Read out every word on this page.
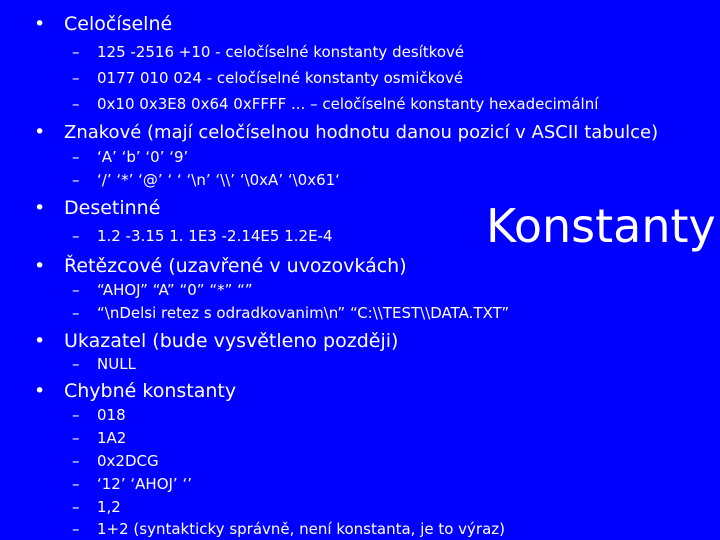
• Celočíselné
– 125 -2516 +10 - celočíselné konstanty desítkové
– 0177 010 024 - celočíselné konstanty osmičkové
– 0x10 0x3E8 0x64 0xFFFF ... – celočíselné konstanty hexadecimální
• Znakové (mají celočíselnou hodnotu danou pozicí v ASCII tabulce)
– ‘A’ ‘b’ ‘0’ ‘9’
– ‘/’ ‘*’ ‘@’ ‘ ‘ ‘\n’ ‘\\’ ‘\0xA’ ‘\0x61‘
• Desetinné
– 1.2 -3.15 1. 1E3 -2.14E5 1.2E-4
• Řetězcové (uzavřené v uvozovkách)
– “AHOJ” “A” “0” “*” “”
– “\nDelsi retez s odradkovanim\n” “C:\\TEST\\DATA.TXT”
• Ukazatel (bude vysvětleno později)
– NULL
• Chybné konstanty
– 018
– 1A2
– 0x2DCG
– ‘12’ ‘AHOJ’ ‘’
– 1,2
– 1+2 (syntakticky správně, není konstanta, je to výraz)
Konstanty
